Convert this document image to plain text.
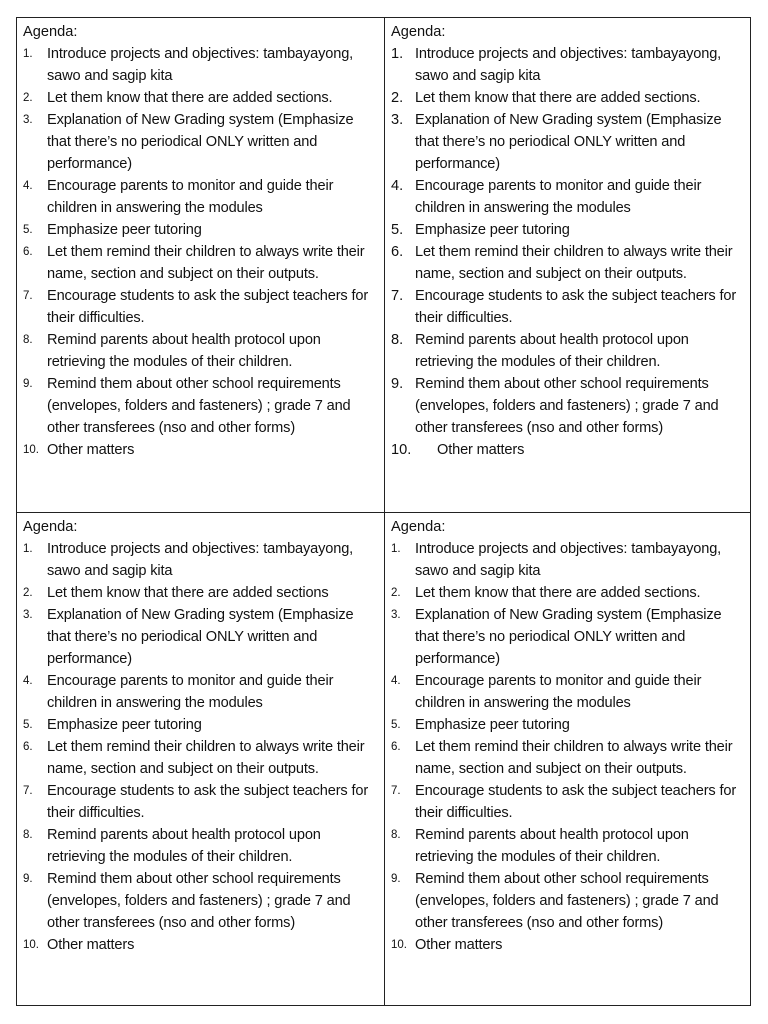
Agenda:
1. Introduce projects and objectives: tambayayong, sawo and sagip kita
2. Let them know that there are added sections.
3. Explanation of New Grading system (Emphasize that there’s no periodical ONLY written and performance)
4. Encourage parents to monitor and guide their children in answering the modules
5. Emphasize peer tutoring
6. Let them remind their children to always write their name, section and subject on their outputs.
7. Encourage students to ask the subject teachers for their difficulties.
8. Remind parents about health protocol upon retrieving the modules of their children.
9. Remind them about other school requirements (envelopes, folders and fasteners) ; grade 7 and other transferees (nso and other forms)
10. Other matters
Agenda:
1. Introduce projects and objectives: tambayayong, sawo and sagip kita
2. Let them know that there are added sections.
3. Explanation of New Grading system (Emphasize that there’s no periodical ONLY written and performance)
4. Encourage parents to monitor and guide their children in answering the modules
5. Emphasize peer tutoring
6. Let them remind their children to always write their name, section and subject on their outputs.
7. Encourage students to ask the subject teachers for their difficulties.
8. Remind parents about health protocol upon retrieving the modules of their children.
9. Remind them about other school requirements (envelopes, folders and fasteners) ; grade 7 and other transferees (nso and other forms)
10.	Other matters
Agenda:
1. Introduce projects and objectives: tambayayong, sawo and sagip kita
2. Let them know that there are added sections
3. Explanation of New Grading system (Emphasize that there’s no periodical ONLY written and performance)
4. Encourage parents to monitor and guide their children in answering the modules
5. Emphasize peer tutoring
6. Let them remind their children to always write their name, section and subject on their outputs.
7. Encourage students to ask the subject teachers for their difficulties.
8. Remind parents about health protocol upon retrieving the modules of their children.
9. Remind them about other school requirements (envelopes, folders and fasteners) ; grade 7 and other transferees (nso and other forms)
10. Other matters
Agenda:
1. Introduce projects and objectives: tambayayong, sawo and sagip kita
2. Let them know that there are added sections.
3. Explanation of New Grading system (Emphasize that there’s no periodical ONLY written and performance)
4. Encourage parents to monitor and guide their children in answering the modules
5. Emphasize peer tutoring
6. Let them remind their children to always write their name, section and subject on their outputs.
7. Encourage students to ask the subject teachers for their difficulties.
8. Remind parents about health protocol upon retrieving the modules of their children.
9. Remind them about other school requirements (envelopes, folders and fasteners) ; grade 7 and other transferees (nso and other forms)
10. Other matters
